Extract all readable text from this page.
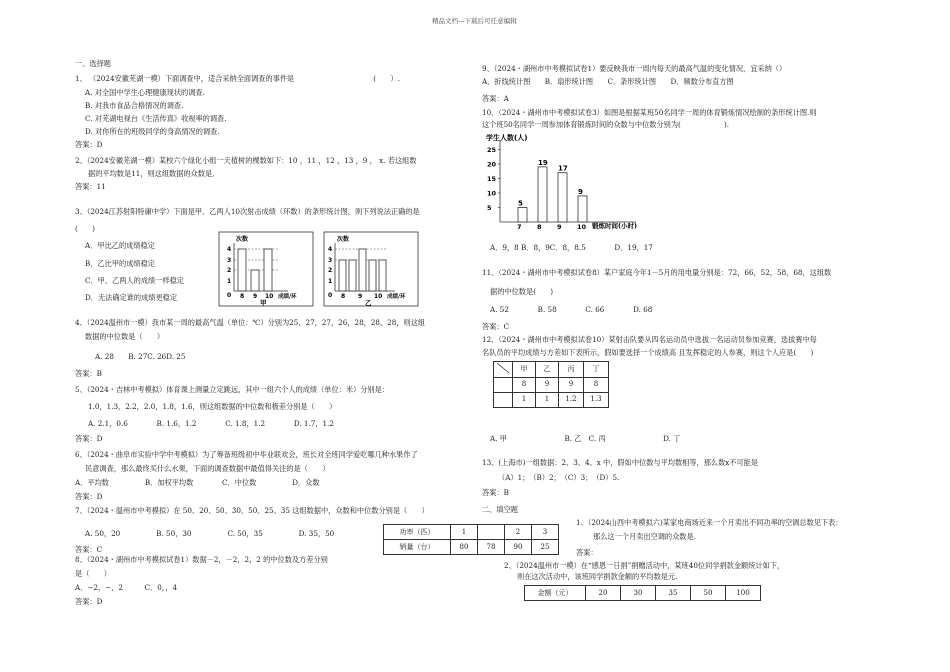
精品文档---下载后可任意编辑
一、选择题
1、 （2024安徽芜湖一模）下面调查中，适合采纳全面调查的事件是　　　　　　　　　　　(　　）.
A. 对全国中学生心理健康现状的调查.
B. 对我市食品合格情况的调查.
C. 对芜湖电视台《生活传真》收视率的调查.
D. 对你所在的班级同学的身高情况的调查.
答案：D
2、（2024安徽芜湖一模）某校六个绿化小组一天植树的棵数如下：10 ，11 ，12 ，13 ，9 ， x. 若这组数
据的平均数是11，则这组数据的众数是．
答案：11
3、（2024江苏射阳特庸中学）下面是甲、乙两人10次射击成绩（环数）的条形统计图，则下列说法正确的是
(　　)
A．甲比乙的成绩稳定
B．乙比甲的成绩稳定
C．甲、乙两人的成绩一样稳定
D．无法确定谁的成绩更稳定
次数
4
3
2
1
0 8 9 10 成绩/环
甲
次数
4
3
2
1
0 8 9 10 成绩/环
乙
4、（2024温州市一模）我市某一周的最高气温（单位：℃）分别为25，27，27，26，28，28，28，则这组
数据的中位数是（　　）
A. 28　　B. 27C. 26D. 25
答案：B
5、（2024・吉林中考模拟）体育课上测量立定跳远，其中一组六个人的成绩（单位：米）分别是：
1.0，1.3，2.2，2.0，1.8，1.6，则这组数据的中位数和极差分别是（　　）
A. 2.1，0.6　　　　B. 1.6，1.2　　　　C. 1.8，1.2　　　　D. 1.7，1.2
答案：D
6、（2024・曲阜市实验中学中考模拟）为了筹备班级初中毕业联欢会，班长对全班同学爱吃哪几种水果作了
民意调查，那么最终买什么水果，下面的调查数据中最值得关注的是（　　）
A．平均数　　　　　B．加权平均数　　　　C．中位数　　　　　D．众数
答案：D
7、（2024・温州市中考模拟）在 50、20、50、30、50、25、35 这组数据中，众数和中位数分别是（　　）
A. 50，20　　　　　B. 50，30　　　　　C. 50，35　　　　　D. 35，50
答案：C
8、（2024・湖州市中考模拟试卷1）数据－2，－2，2，2 的中位数及方差分别
是（　　）
A．−2，−，2　　　C．0，，4
答案：D
9、（2024・湖州市中考模拟试卷1）要反映我市一周内每天的最高气温的变化情况，宜采纳（）
A．折线统计图　　B．扇形统计图　　C．条形统计图　　D．频数分布直方图
答案：A
10、（2024・湖州市中考模拟试卷3）如图是根据某班50名同学一周的体育锻炼情况绘制的条形统计图.则
这个班50名同学一周参加体育锻炼时间的众数与中位数分别为(　　　　　　).
学生人数(人)
25
20
15
10
5
5
7
19
8
17
9
9
10 锻炼时间(小时)
A．9，8 B．8，9C．8，8.5　　　　D．19，17
11、（2024・湖州市中考模拟试卷8）某户家庭今年1－5月的用电量分别是：72，66，52，58，68，这组数
据的中位数是(　　)
A. 52　　　　B. 58　　　　C. 66　　　　D. 68
答案：C
12、（2024・湖州市中考模拟试卷10）某射击队要从四名运动员中选拔一名运动员参加竞赛，选拔赛中每
名队员的平均成绩与方差如下表所示，假如要选择一个成绩高 且发挥稳定的人参赛，则这个人应是(　　)
	甲	乙	丙	丁
	8	9	9	8
	1	1	1.2	1.3
A. 甲　　　　　　　　B. 乙　C. 丙　　　　　　　　D. 丁
13、(上海市)一组数据：2、3、4、x 中，假如中位数与平均数相等，那么数x不可能是
（A）1；　（B）2；　（C）3；　（D）5.
答案：B
二、填空题
功率（匹）	1		2	3
销量（台）	80	78	90	25
1、（2024山西中考模拟六)某家电商场近来一个月卖出不同功率的空调总数见下表：
那么这一个月卖出空调的众数是.
答案：
2、（2024温州市一模）在“感恩一日捐”捐赠活动中，某班40位同学捐款金额统计如下，
则在这次活动中，该班同学捐款金额的平均数是元.
金额（元）	20	30	35	50	100
